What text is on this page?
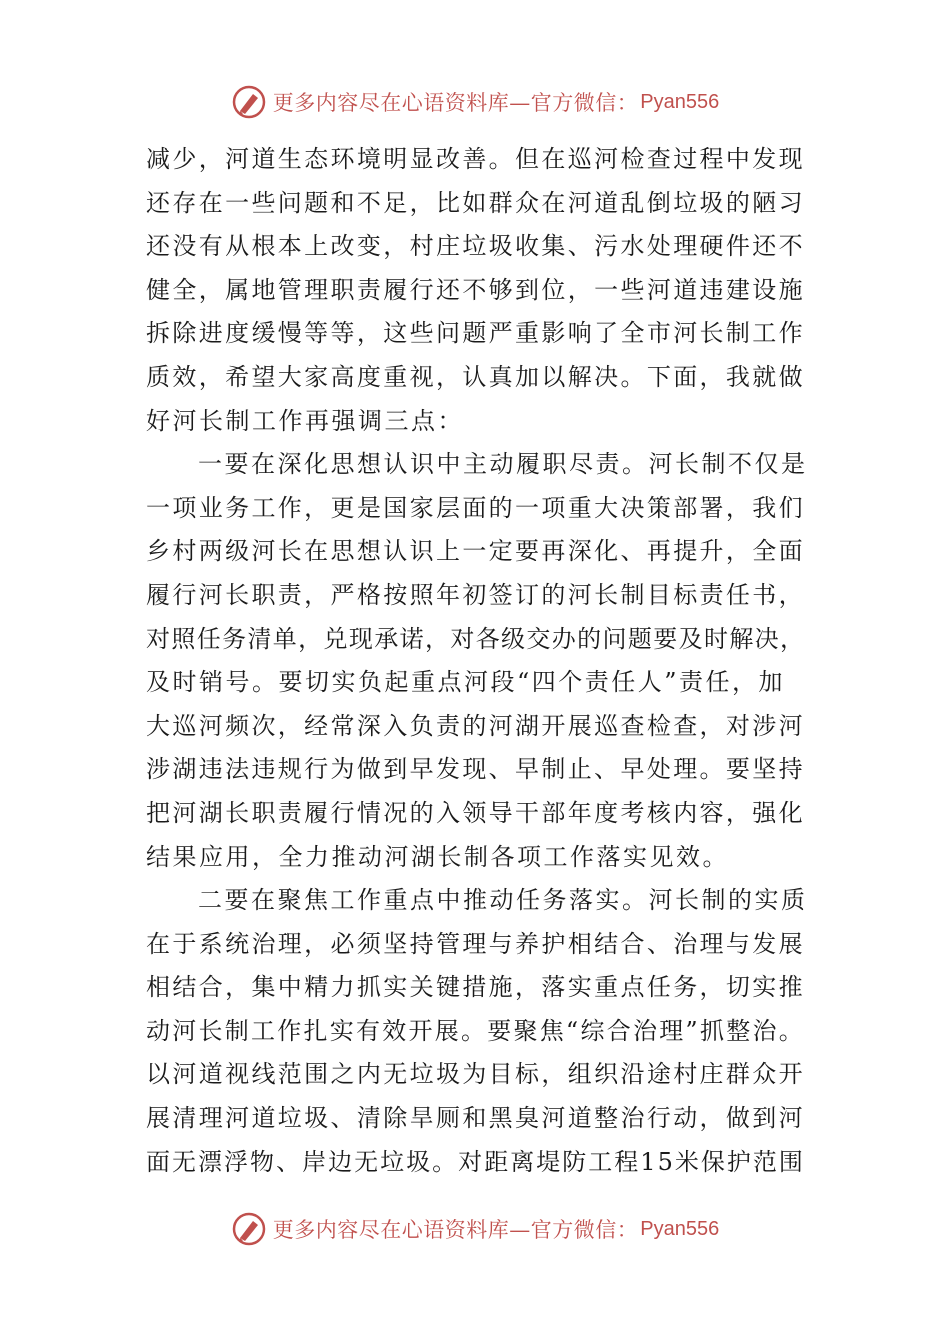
更多内容尽在心语资料库—官方微信： Pyan556
减少，河道生态环境明显改善。但在巡河检查过程中发现
还存在一些问题和不足，比如群众在河道乱倒垃圾的陋习
还没有从根本上改变，村庄垃圾收集、污水处理硬件还不
健全，属地管理职责履行还不够到位，一些河道违建设施
拆除进度缓慢等等，这些问题严重影响了全市河长制工作
质效，希望大家高度重视，认真加以解决。下面，我就做
好河长制工作再强调三点：
一要在深化思想认识中主动履职尽责。河长制不仅是
一项业务工作，更是国家层面的一项重大决策部署，我们
乡村两级河长在思想认识上一定要再深化、再提升，全面
履行河长职责，严格按照年初签订的河长制目标责任书，
对照任务清单，兑现承诺，对各级交办的问题要及时解决，
及时销号。要切实负起重点河段“四个责任人”责任，加
大巡河频次，经常深入负责的河湖开展巡查检查，对涉河
涉湖违法违规行为做到早发现、早制止、早处理。要坚持
把河湖长职责履行情况的入领导干部年度考核内容，强化
结果应用，全力推动河湖长制各项工作落实见效。
二要在聚焦工作重点中推动任务落实。河长制的实质
在于系统治理，必须坚持管理与养护相结合、治理与发展
相结合，集中精力抓实关键措施，落实重点任务，切实推
动河长制工作扎实有效开展。要聚焦“综合治理”抓整治。
以河道视线范围之内无垃圾为目标，组织沿途村庄群众开
展清理河道垃圾、清除旱厕和黑臭河道整治行动，做到河
面无漂浮物、岸边无垃圾。对距离堤防工程15米保护范围
更多内容尽在心语资料库—官方微信： Pyan556
